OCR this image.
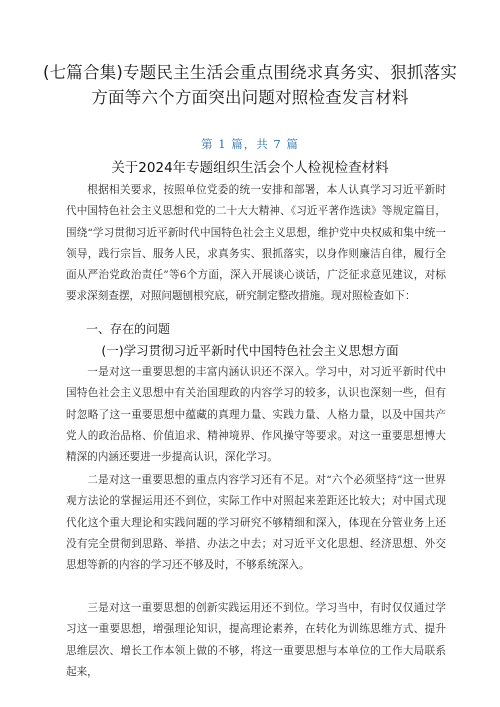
(七篇合集)专题民主生活会重点围绕求真务实、狠抓落实方面等六个方面突出问题对照检查发言材料
第 1 篇，共 7 篇
关于2024年专题组织生活会个人检视检查材料

根据相关要求，按照单位党委的统一安排和部署，本人认真学习习近平新时代中国特色社会主义思想和党的二十大大精神、《习近平著作选读》等规定篇目，围绕“学习贯彻习近平新时代中国特色社会主义思想，维护党中央权威和集中统一领导，践行宗旨、服务人民，求真务实、狠抓落实，以身作则廉洁自律，履行全面从严治党政治责任”等6个方面，深入开展谈心谈话，广泛征求意见建议，对标要求深刻查摆，对照问题刨根究底，研究制定整改措施。现对照检查如下：

一、存在的问题
(一)学习贯彻习近平新时代中国特色社会主义思想方面

一是对这一重要思想的丰富内涵认识还不深入。学习中，对习近平新时代中国特色社会主义思想中有关治国理政的内容学习的较多，认识也深刻一些，但有时忽略了这一重要思想中蕴藏的真理力量、实践力量、人格力量，以及中国共产党人的政治品格、价值追求、精神境界、作风操守等要求。对这一重要思想博大精深的内涵还要进一步提高认识，深化学习。

二是对这一重要思想的重点内容学习还有不足。对“六个必须坚持”这一世界观方法论的掌握运用还不到位，实际工作中对照起来差距还比较大；对中国式现代化这个重大理论和实践问题的学习研究不够精细和深入，体现在分管业务上还没有完全贯彻到思路、举措、办法之中去；对习近平文化思想、经济思想、外交思想等新的内容的学习还不够及时，不够系统深入。

三是对这一重要思想的创新实践运用还不到位。学习当中，有时仅仅通过学习这一重要思想，增强理论知识，提高理论素养，在转化为训练思维方式、提升思维层次、增长工作本领上做的不够，将这一重要思想与本单位的工作大局联系起来，
